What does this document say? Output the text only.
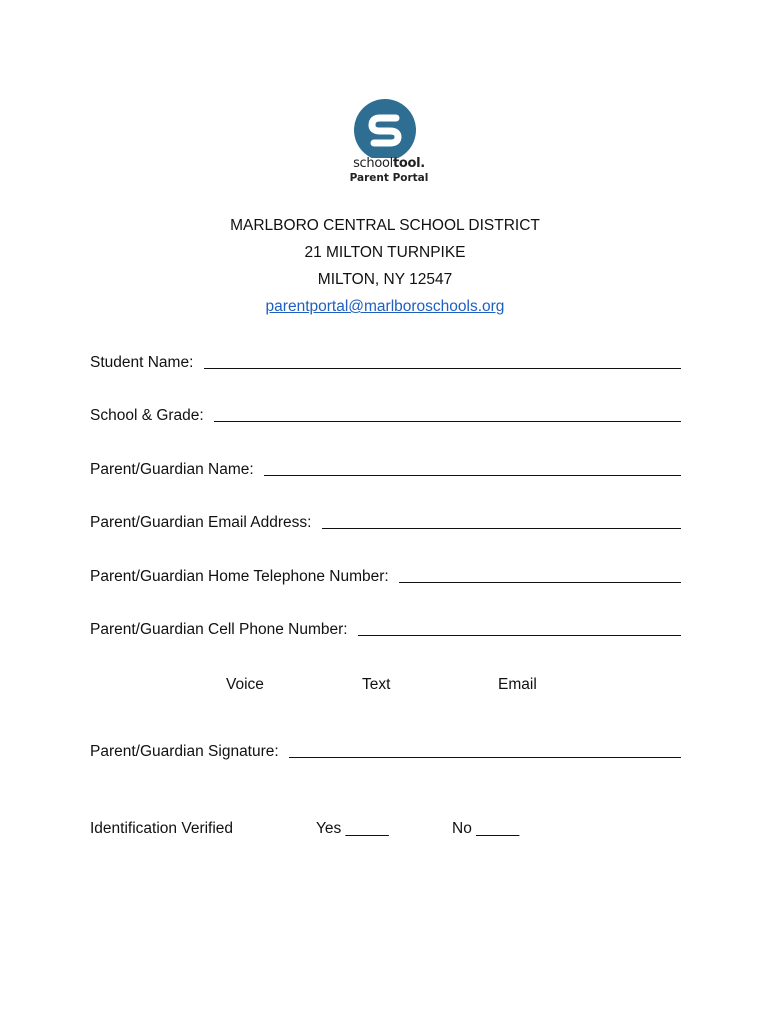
schooltool.
Parent Portal
MARLBORO CENTRAL SCHOOL DISTRICT
21 MILTON TURNPIKE
MILTON, NY 12547
parentportal@marlboroschools.org
Student Name:
School & Grade:
Parent/Guardian Name:
Parent/Guardian Email Address:
Parent/Guardian Home Telephone Number:
Parent/Guardian Cell Phone Number:
Voice	Text	Email
Parent/Guardian Signature:
Identification Verified	Yes _____	No _____
